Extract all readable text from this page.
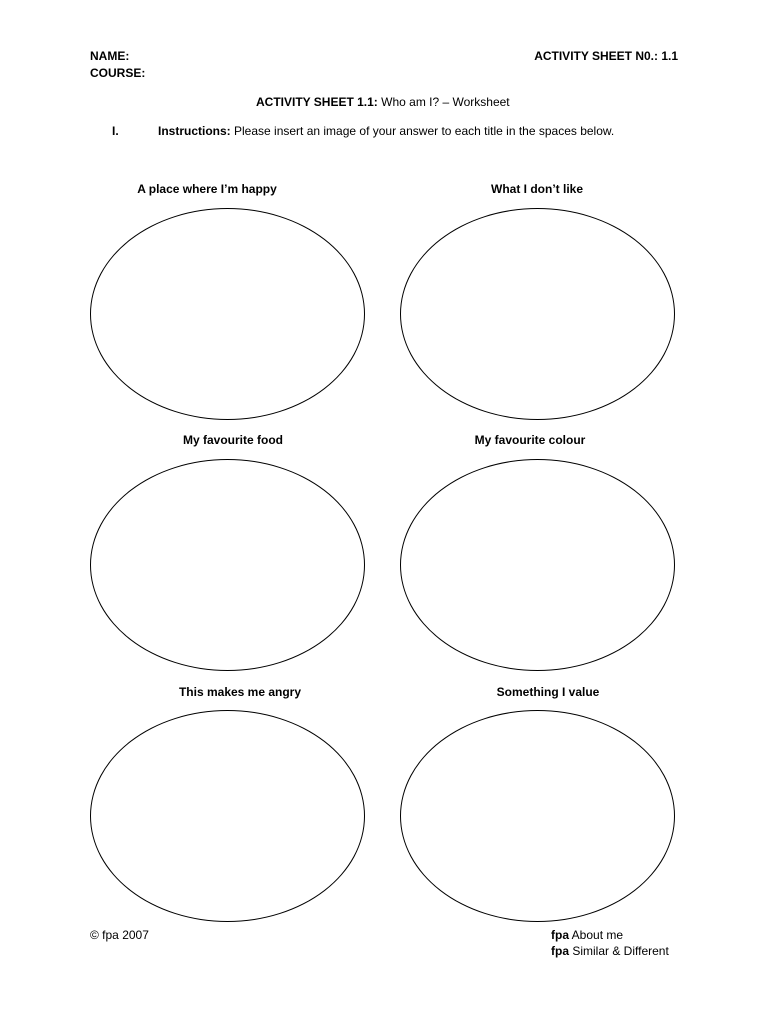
NAME:
COURSE:
ACTIVITY SHEET N0.: 1.1
ACTIVITY SHEET 1.1: Who am I? – Worksheet
I.	Instructions: Please insert an image of your answer to each title in the spaces below.
A place where I’m happy	What I don’t like
My favourite food	My favourite colour
This makes me angry	Something I value
© fpa 2007	fpa About me
fpa Similar & Different
